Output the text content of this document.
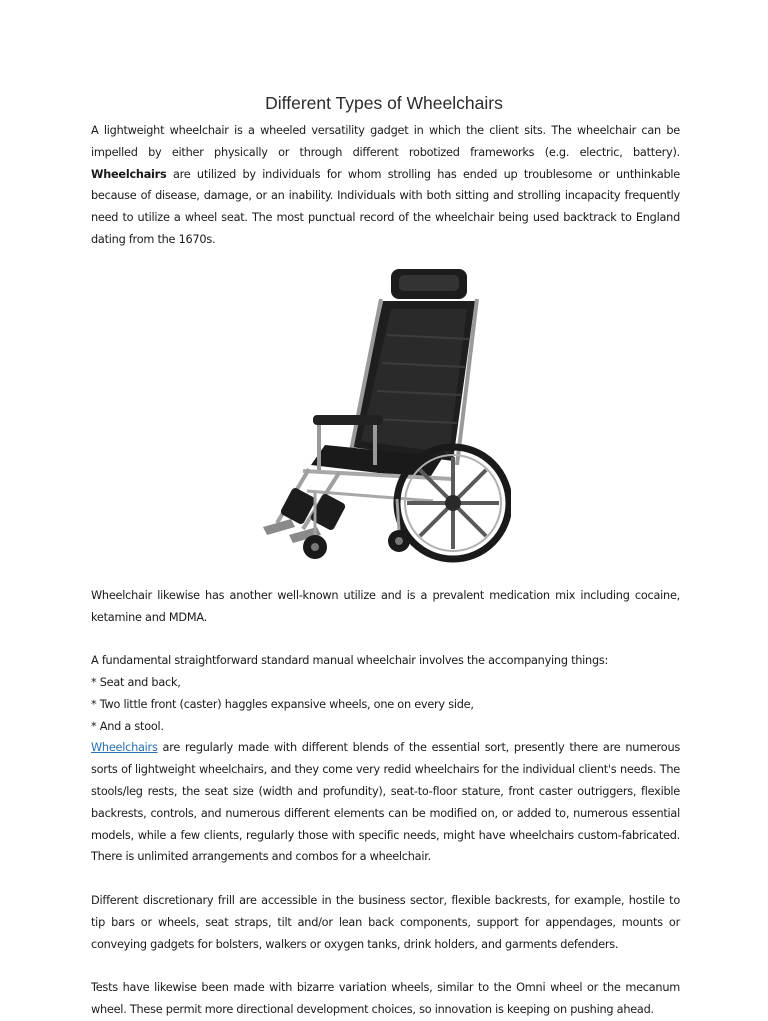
Different Types of Wheelchairs

A lightweight wheelchair is a wheeled versatility gadget in which the client sits. The wheelchair can be impelled by either physically or through different robotized frameworks (e.g. electric, battery). Wheelchairs are utilized by individuals for whom strolling has ended up troublesome or unthinkable because of disease, damage, or an inability. Individuals with both sitting and strolling incapacity frequently need to utilize a wheel seat. The most punctual record of the wheelchair being used backtrack to England dating from the 1670s.

Wheelchair likewise has another well-known utilize and is a prevalent medication mix including cocaine, ketamine and MDMA.

A fundamental straightforward standard manual wheelchair involves the accompanying things:

* Seat and back,

* Two little front (caster) haggles expansive wheels, one on every side,

* And a stool.

Wheelchairs are regularly made with different blends of the essential sort, presently there are numerous sorts of lightweight wheelchairs, and they come very redid wheelchairs for the individual client's needs. The stools/leg rests, the seat size (width and profundity), seat-to-floor stature, front caster outriggers, flexible backrests, controls, and numerous different elements can be modified on, or added to, numerous essential models, while a few clients, regularly those with specific needs, might have wheelchairs custom-fabricated. There is unlimited arrangements and combos for a wheelchair.

Different discretionary frill are accessible in the business sector, flexible backrests, for example, hostile to tip bars or wheels, seat straps, tilt and/or lean back components, support for appendages, mounts or conveying gadgets for bolsters, walkers or oxygen tanks, drink holders, and garments defenders.

Tests have likewise been made with bizarre variation wheels, similar to the Omni wheel or the mecanum wheel. These permit more directional development choices, so innovation is keeping on pushing ahead.
